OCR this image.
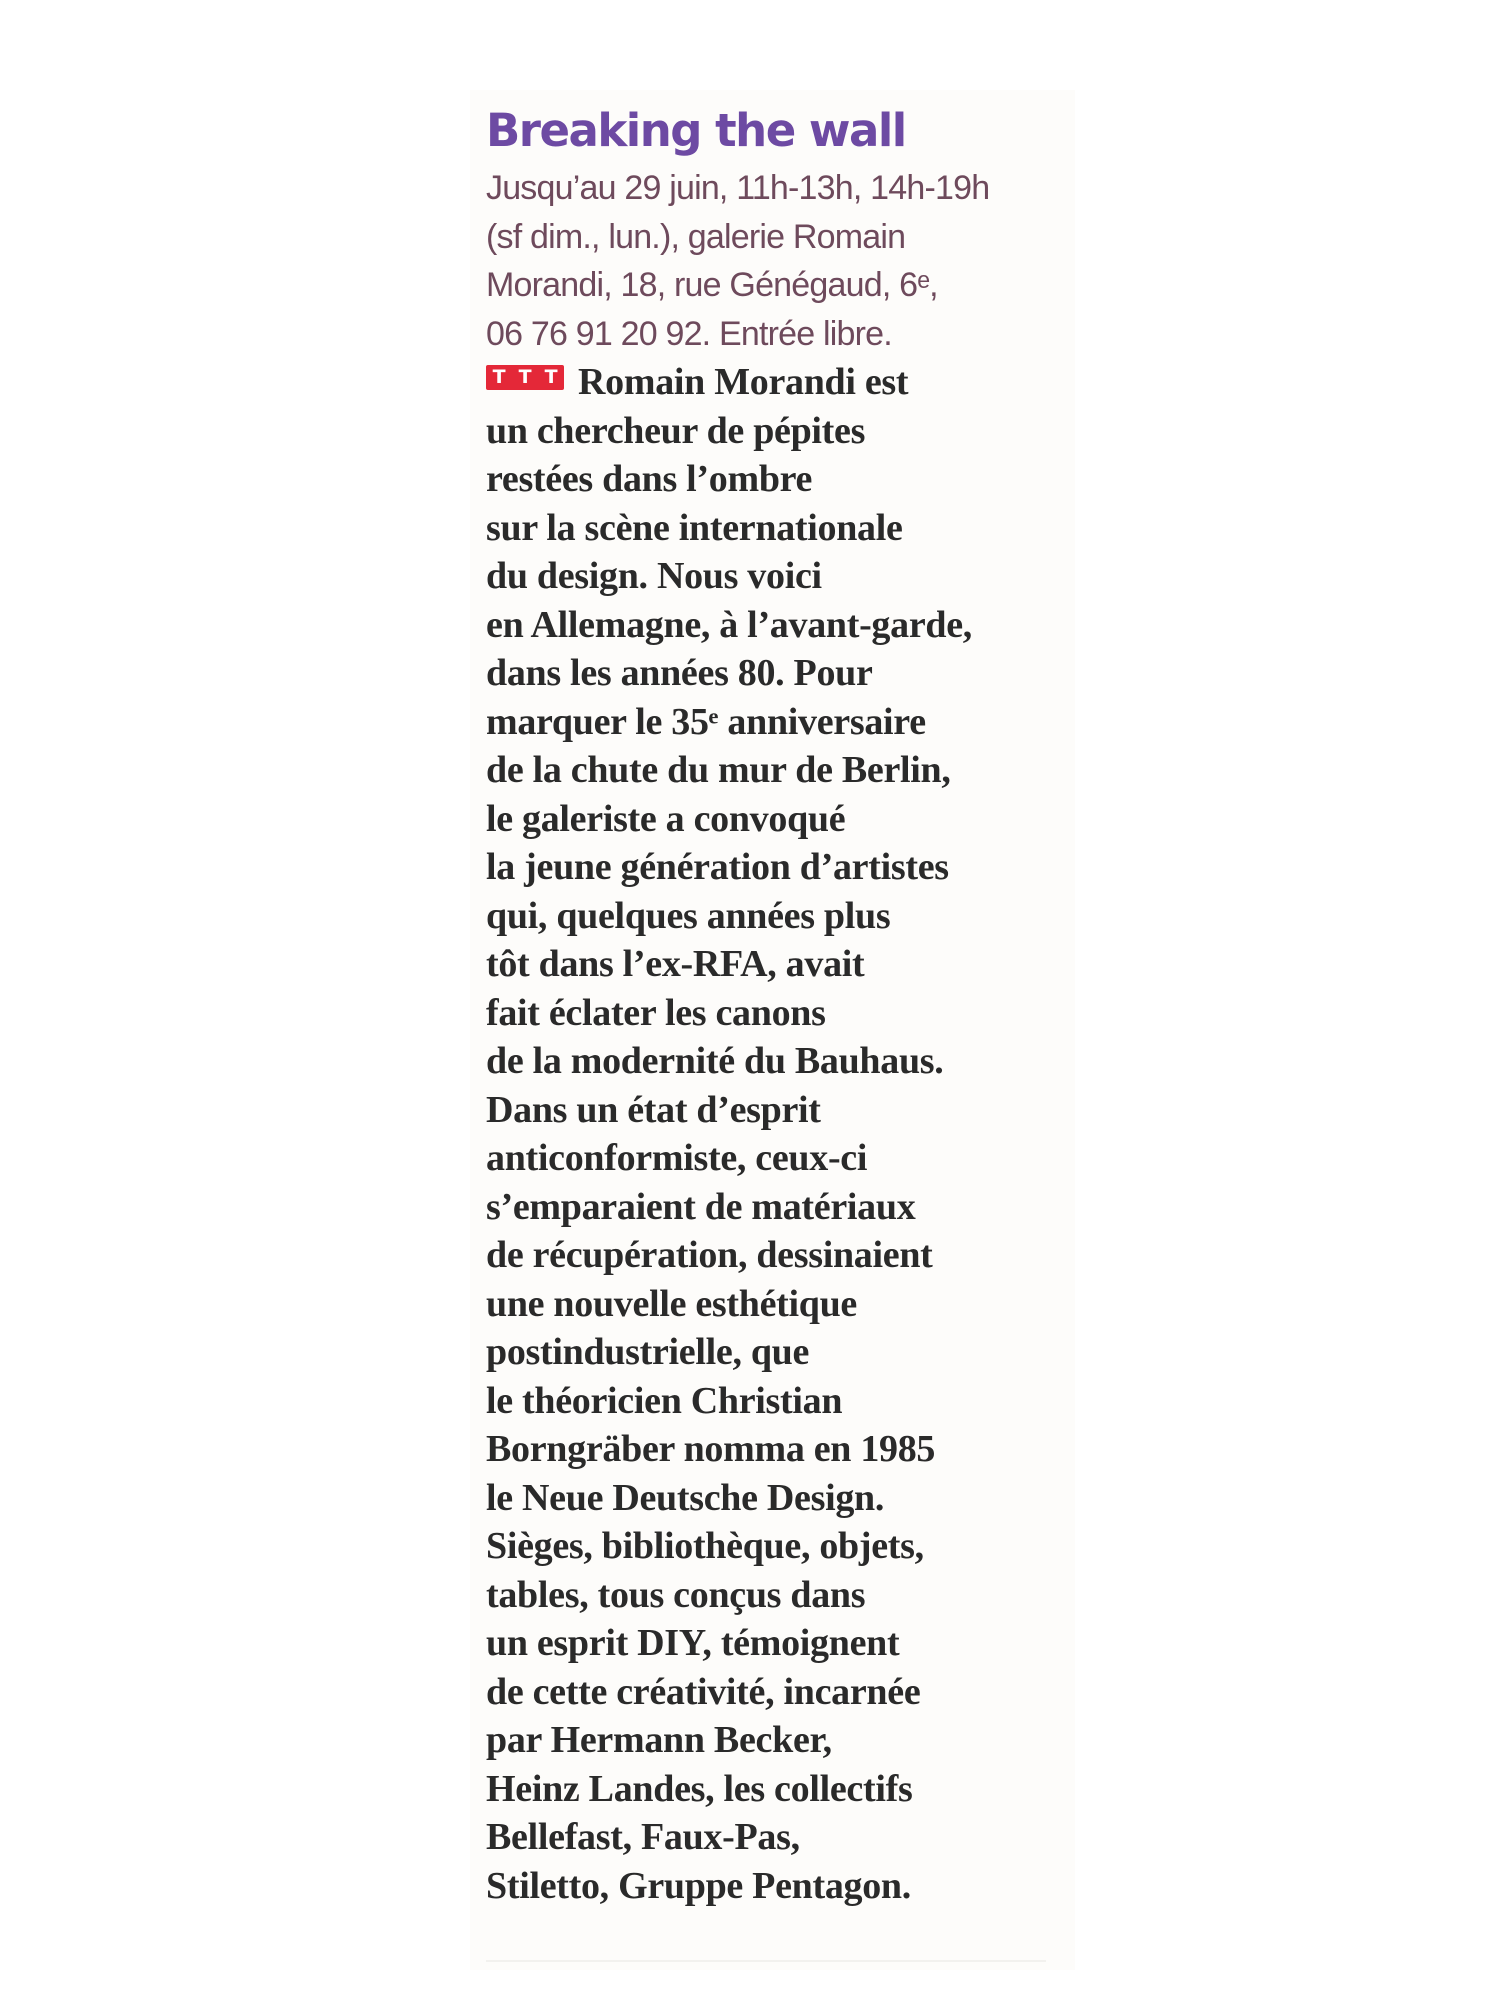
Breaking the wall
Jusqu’au 29 juin, 11h-13h, 14h-19h
(sf dim., lun.), galerie Romain
Morandi, 18, rue Génégaud, 6ᵉ,
06 76 91 20 92. Entrée libre.
T T T Romain Morandi est
un chercheur de pépites
restées dans l’ombre
sur la scène internationale
du design. Nous voici
en Allemagne, à l’avant-garde,
dans les années 80. Pour
marquer le 35ᵉ anniversaire
de la chute du mur de Berlin,
le galeriste a convoqué
la jeune génération d’artistes
qui, quelques années plus
tôt dans l’ex-RFA, avait
fait éclater les canons
de la modernité du Bauhaus.
Dans un état d’esprit
anticonformiste, ceux-ci
s’emparaient de matériaux
de récupération, dessinaient
une nouvelle esthétique
postindustrielle, que
le théoricien Christian
Borngräber nomma en 1985
le Neue Deutsche Design.
Sièges, bibliothèque, objets,
tables, tous conçus dans
un esprit DIY, témoignent
de cette créativité, incarnée
par Hermann Becker,
Heinz Landes, les collectifs
Bellefast, Faux-Pas,
Stiletto, Gruppe Pentagon.
